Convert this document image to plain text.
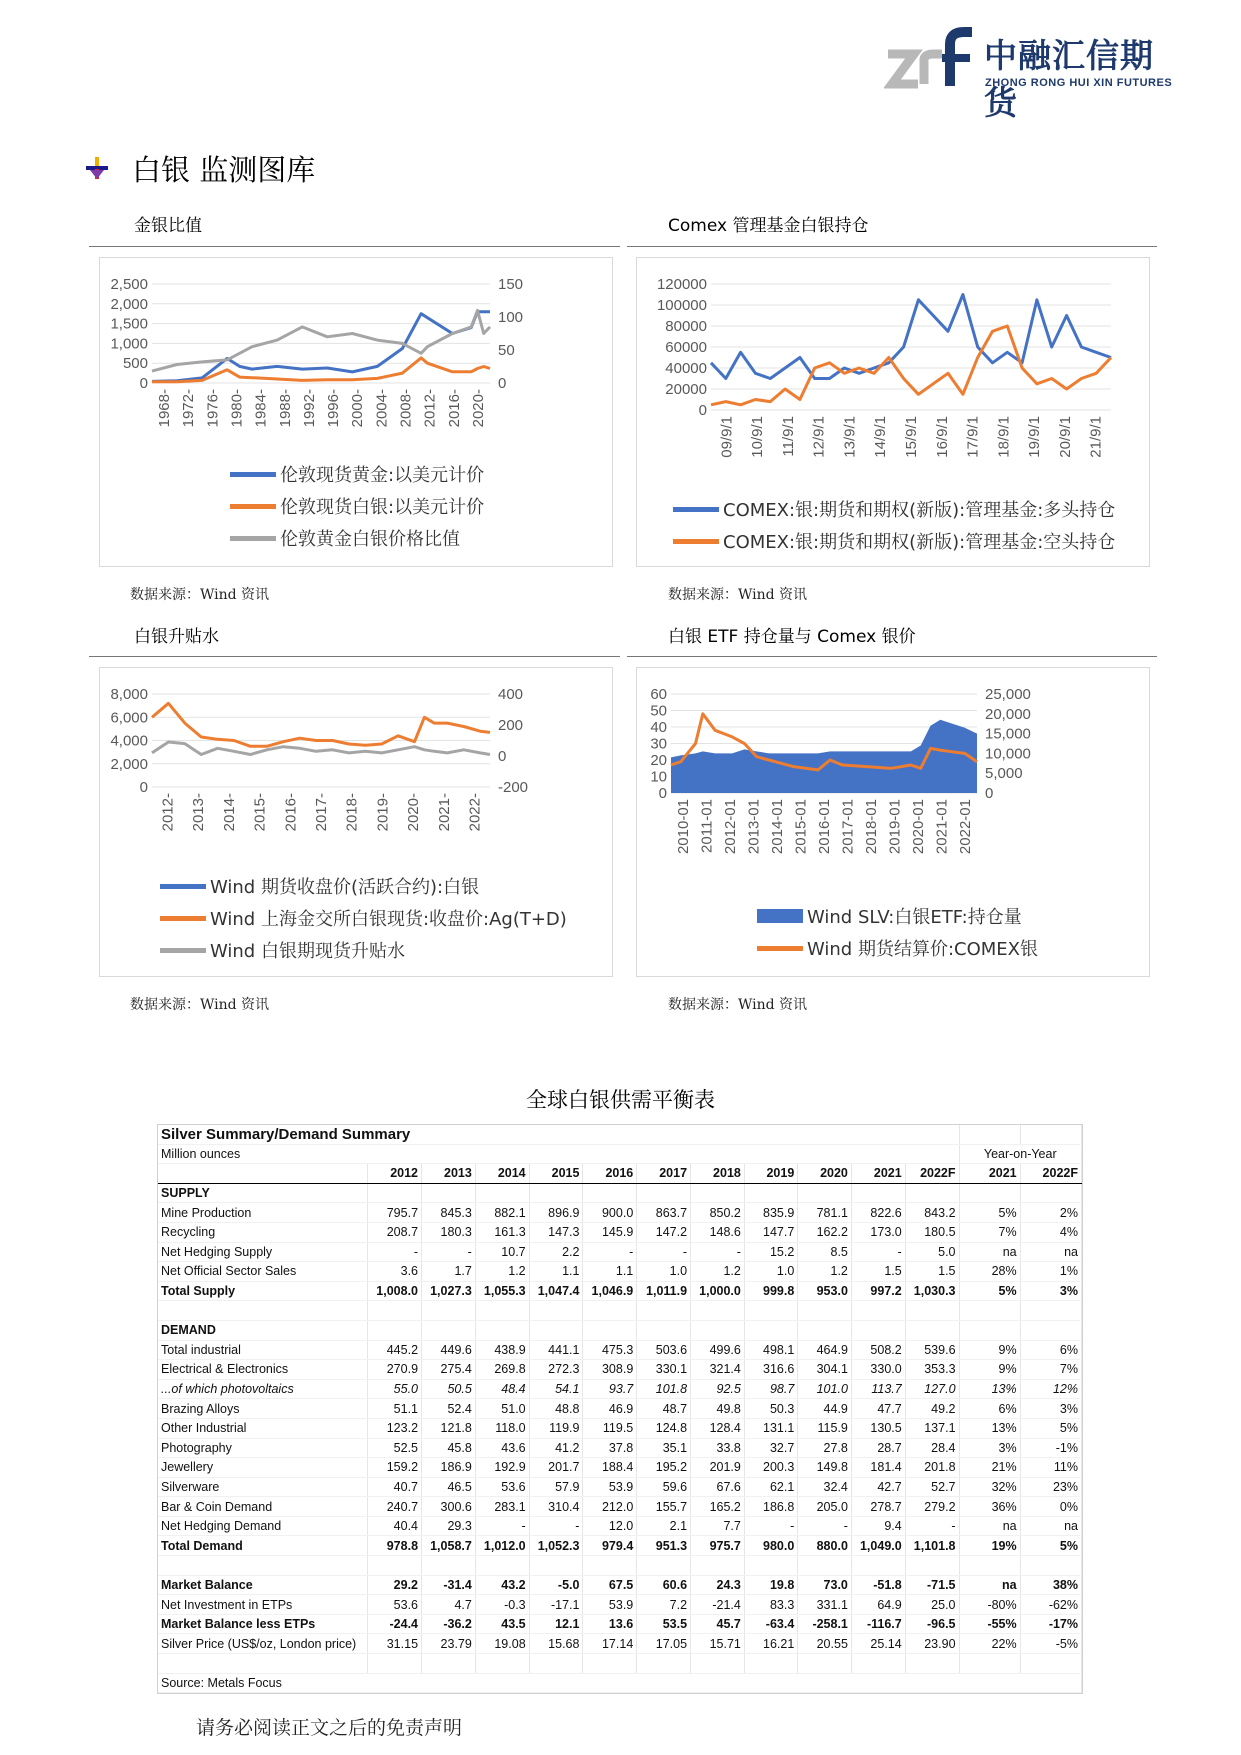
中融汇信期货
ZHONG RONG HUI XIN FUTURES
白银 监测图库
金银比值
2,500
2,000
1,500
1,000
500
0
150
100
50
0
1968- 1972- 1976- 1980- 1984- 1988- 1992- 1996- 2000- 2004- 2008- 2012- 2016- 2020-
伦敦现货黄金:以美元计价
伦敦现货白银:以美元计价
伦敦黄金白银价格比值
数据来源：Wind 资讯
Comex 管理基金白银持仓
120000
100000
80000
60000
40000
20000
0
09/9/1 10/9/1 11/9/1 12/9/1 13/9/1 14/9/1 15/9/1 16/9/1 17/9/1 18/9/1 19/9/1 20/9/1 21/9/1
COMEX:银:期货和期权(新版):管理基金:多头持仓
COMEX:银:期货和期权(新版):管理基金:空头持仓
数据来源：Wind 资讯
白银升贴水
8,000
6,000
4,000
2,000
0
400
200
0
-200
2012- 2013- 2014- 2015- 2016- 2017- 2018- 2019- 2020- 2021- 2022-
Wind 期货收盘价(活跃合约):白银
Wind 上海金交所白银现货:收盘价:Ag(T+D)
Wind 白银期现货升贴水
数据来源：Wind 资讯
白银 ETF 持仓量与 Comex 银价
60
50
40
30
20
10
0
25,000
20,000
15,000
10,000
5,000
0
2010-01 2011-01 2012-01 2013-01 2014-01 2015-01 2016-01 2017-01 2018-01 2019-01 2020-01 2021-01 2022-01
Wind SLV:白银ETF:持仓量
Wind 期货结算价:COMEX银
数据来源：Wind 资讯
全球白银供需平衡表
Silver Summary/Demand Summary													
Million ounces												Year-on-Year	
	2012	2013	2014	2015	2016	2017	2018	2019	2020	2021	2022F	2021	2022F
SUPPLY													
Mine Production	795.7	845.3	882.1	896.9	900.0	863.7	850.2	835.9	781.1	822.6	843.2	5%	2%
Recycling	208.7	180.3	161.3	147.3	145.9	147.2	148.6	147.7	162.2	173.0	180.5	7%	4%
Net Hedging Supply	-	-	10.7	2.2	-	-	-	15.2	8.5	-	5.0	na	na
Net Official Sector Sales	3.6	1.7	1.2	1.1	1.1	1.0	1.2	1.0	1.2	1.5	1.5	28%	1%
Total Supply	1,008.0	1,027.3	1,055.3	1,047.4	1,046.9	1,011.9	1,000.0	999.8	953.0	997.2	1,030.3	5%	3%

DEMAND													
Total industrial	445.2	449.6	438.9	441.1	475.3	503.6	499.6	498.1	464.9	508.2	539.6	9%	6%
Electrical & Electronics	270.9	275.4	269.8	272.3	308.9	330.1	321.4	316.6	304.1	330.0	353.3	9%	7%
...of which photovoltaics	55.0	50.5	48.4	54.1	93.7	101.8	92.5	98.7	101.0	113.7	127.0	13%	12%
Brazing Alloys	51.1	52.4	51.0	48.8	46.9	48.7	49.8	50.3	44.9	47.7	49.2	6%	3%
Other Industrial	123.2	121.8	118.0	119.9	119.5	124.8	128.4	131.1	115.9	130.5	137.1	13%	5%
Photography	52.5	45.8	43.6	41.2	37.8	35.1	33.8	32.7	27.8	28.7	28.4	3%	-1%
Jewellery	159.2	186.9	192.9	201.7	188.4	195.2	201.9	200.3	149.8	181.4	201.8	21%	11%
Silverware	40.7	46.5	53.6	57.9	53.9	59.6	67.6	62.1	32.4	42.7	52.7	32%	23%
Bar & Coin Demand	240.7	300.6	283.1	310.4	212.0	155.7	165.2	186.8	205.0	278.7	279.2	36%	0%
Net Hedging Demand	40.4	29.3	-	-	12.0	2.1	7.7	-	-	9.4	-	na	na
Total Demand	978.8	1,058.7	1,012.0	1,052.3	979.4	951.3	975.7	980.0	880.0	1,049.0	1,101.8	19%	5%

Market Balance	29.2	-31.4	43.2	-5.0	67.5	60.6	24.3	19.8	73.0	-51.8	-71.5	na	38%
Net Investment in ETPs	53.6	4.7	-0.3	-17.1	53.9	7.2	-21.4	83.3	331.1	64.9	25.0	-80%	-62%
Market Balance less ETPs	-24.4	-36.2	43.5	12.1	13.6	53.5	45.7	-63.4	-258.1	-116.7	-96.5	-55%	-17%
Silver Price (US$/oz, London price)	31.15	23.79	19.08	15.68	17.14	17.05	15.71	16.21	20.55	25.14	23.90	22%	-5%

Source: Metals Focus													
请务必阅读正文之后的免责声明
